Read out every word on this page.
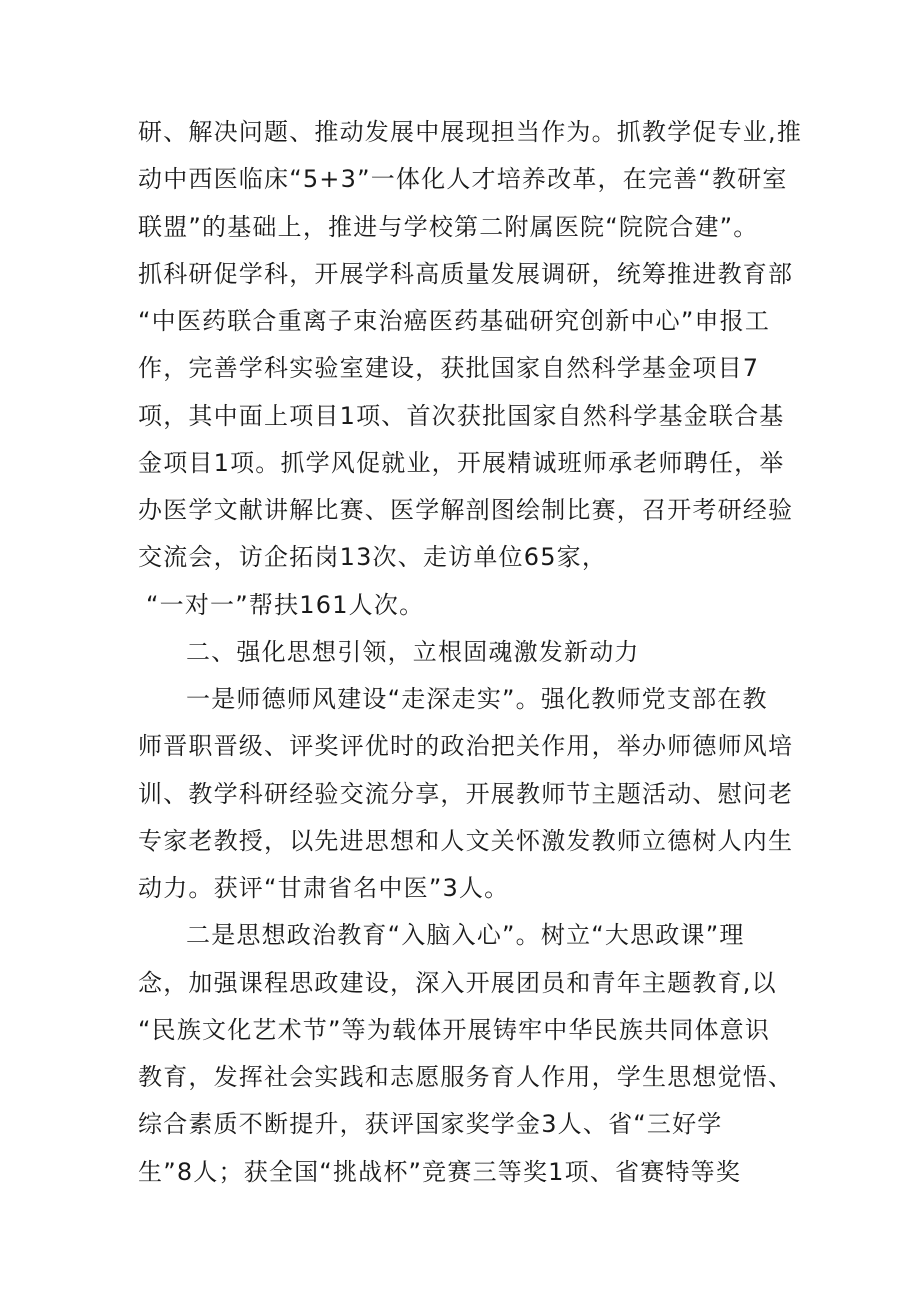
研、解决问题、推动发展中展现担当作为。抓教学促专业,推
动中西医临床“5+3”一体化人才培养改革，在完善“教研室
联盟”的基础上，推进与学校第二附属医院“院院合建”。
抓科研促学科，开展学科高质量发展调研，统筹推进教育部
“中医药联合重离子束治癌医药基础研究创新中心”申报工
作，完善学科实验室建设，获批国家自然科学基金项目7
项，其中面上项目1项、首次获批国家自然科学基金联合基
金项目1项。抓学风促就业，开展精诚班师承老师聘任，举
办医学文献讲解比赛、医学解剖图绘制比赛，召开考研经验
交流会，访企拓岗13次、走访单位65家，
“一对一”帮扶161人次。
二、强化思想引领，立根固魂激发新动力
一是师德师风建设“走深走实”。强化教师党支部在教
师晋职晋级、评奖评优时的政治把关作用，举办师德师风培
训、教学科研经验交流分享，开展教师节主题活动、慰问老
专家老教授，以先进思想和人文关怀激发教师立德树人内生
动力。获评“甘肃省名中医”3人。
二是思想政治教育“入脑入心”。树立“大思政课”理
念，加强课程思政建设，深入开展团员和青年主题教育,以
“民族文化艺术节”等为载体开展铸牢中华民族共同体意识
教育，发挥社会实践和志愿服务育人作用，学生思想觉悟、
综合素质不断提升，获评国家奖学金3人、省“三好学
生”8人；获全国“挑战杯”竞赛三等奖1项、省赛特等奖
